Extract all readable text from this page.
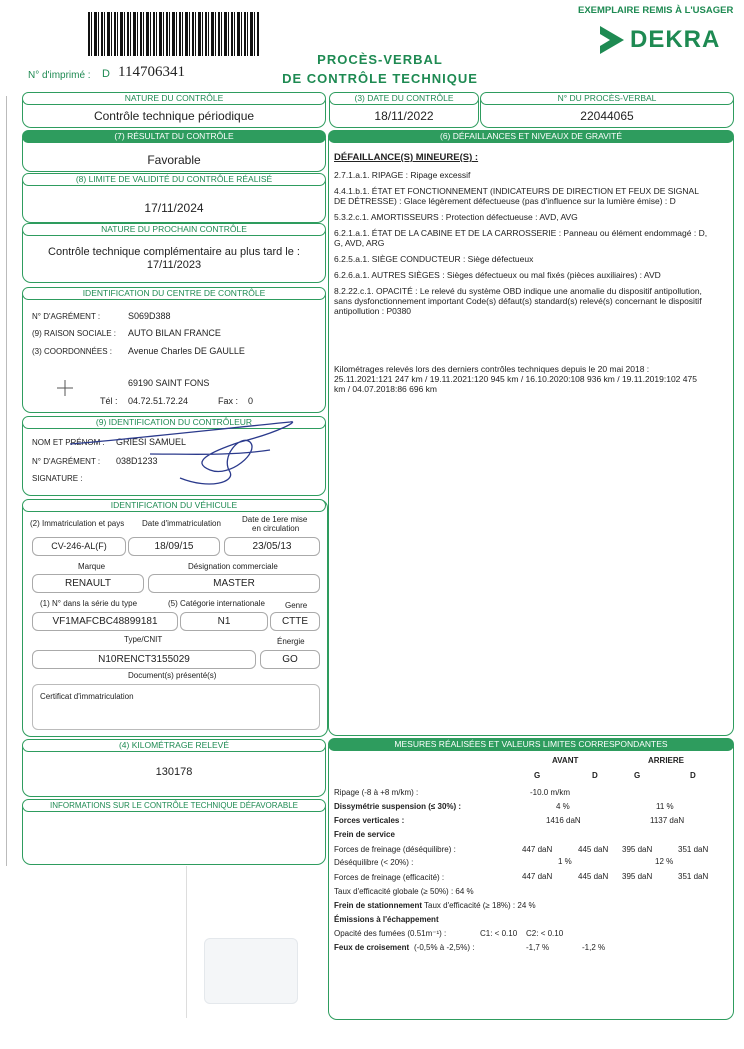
EXEMPLAIRE REMIS À L'USAGER
DEKRA
PROCÈS-VERBAL
DE CONTRÔLE TECHNIQUE
N° d'imprimé : D 114706341
NATURE DU CONTRÔLE
Contrôle technique périodique
(3) DATE DU CONTRÔLE
18/11/2022
N° DU PROCÈS-VERBAL
22044065
(7) RÉSULTAT DU CONTRÔLE
Favorable
(8) LIMITE DE VALIDITÉ DU CONTRÔLE RÉALISÉ
17/11/2024
NATURE DU PROCHAIN CONTRÔLE
Contrôle technique complémentaire au plus tard le :
17/11/2023
IDENTIFICATION DU CENTRE DE CONTRÔLE
N° D'AGRÉMENT :	S069D388
(9) RAISON SOCIALE : AUTO BILAN FRANCE
(3) COORDONNÉES : Avenue Charles DE GAULLE
69190 SAINT FONS
Tél : 04.72.51.72.24	Fax : 0
(9) IDENTIFICATION DU CONTRÔLEUR
NOM ET PRÉNOM : GRIESI SAMUEL
N° D'AGRÉMENT : 038D1233
SIGNATURE :
IDENTIFICATION DU VÉHICULE
(2) Immatriculation et pays Date d'immatriculation	Date de 1ere mise
en circulation
CV-246-AL(F)	18/09/15	23/05/13
Marque	Désignation commerciale
RENAULT	MASTER
(1) N° dans la série du type	(5) Catégorie internationale	Genre
VF1MAFCBC48899181	N1	CTTE
Type/CNIT	Énergie
N10RENCT3155029	GO
Document(s) présenté(s)
Certificat d'immatriculation
(4) KILOMÉTRAGE RELEVÉ
130178
INFORMATIONS SUR LE CONTRÔLE TECHNIQUE DÉFAVORABLE
(6) DÉFAILLANCES ET NIVEAUX DE GRAVITÉ
DÉFAILLANCE(S) MINEURE(S) :
2.7.1.a.1. RIPAGE : Ripage excessif
4.4.1.b.1. ÉTAT ET FONCTIONNEMENT (INDICATEURS DE DIRECTION ET FEUX DE SIGNAL DE DÉTRESSE) : Glace légèrement défectueuse (pas d'influence sur la lumière émise) : D
5.3.2.c.1. AMORTISSEURS : Protection défectueuse : AVD, AVG
6.2.1.a.1. ÉTAT DE LA CABINE ET DE LA CARROSSERIE : Panneau ou élément endommagé : D, G, AVD, ARG
6.2.5.a.1. SIÈGE CONDUCTEUR : Siège défectueux
6.2.6.a.1. AUTRES SIÈGES : Sièges défectueux ou mal fixés (pièces auxiliaires) : AVD
8.2.22.c.1. OPACITÉ : Le relevé du système OBD indique une anomalie du dispositif antipollution, sans dysfonctionnement important Code(s) défaut(s) standard(s) relevé(s) concernant le dispositif antipollution : P0380
Kilométrages relevés lors des derniers contrôles techniques depuis le 20 mai 2018 : 25.11.2021:121 247 km / 19.11.2021:120 945 km / 16.10.2020:108 936 km / 19.11.2019:102 475 km / 04.07.2018:86 696 km
MESURES RÉALISÉES ET VALEURS LIMITES CORRESPONDANTES
AVANT	ARRIERE
G	D	G	D
Ripage (-8 à +8 m/km) :	-10.0 m/km
Dissymétrie suspension (≤ 30%) :	4 %	11 %
Forces verticales :	1416 daN	1137 daN
Frein de service
Forces de freinage (déséquilibre) :	447 daN	445 daN 395 daN	351 daN
Déséquilibre (< 20%) :	1 %	12 %
Forces de freinage (efficacité) :	447 daN	445 daN 395 daN	351 daN
Taux d'efficacité globale (≥ 50%) : 64 %
Frein de stationnement Taux d'efficacité (≥ 18%) : 24 %
Émissions à l'échappement
Opacité des fumées (0.51m⁻¹) :	C1: < 0.10    C2: < 0.10
Feux de croisement (-0,5% à -2,5%) :	-1,7 %	-1,2 %
